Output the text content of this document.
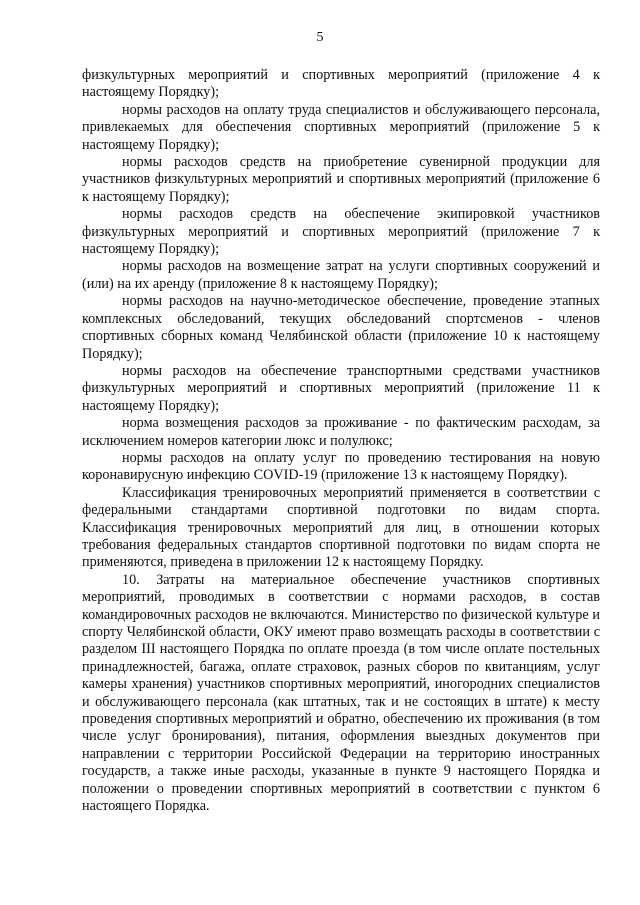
5

физкультурных мероприятий и спортивных мероприятий (приложение 4 к настоящему Порядку);

нормы расходов на оплату труда специалистов и обслуживающего персонала, привлекаемых для обеспечения спортивных мероприятий (приложение 5 к настоящему Порядку);

нормы расходов средств на приобретение сувенирной продукции для участников физкультурных мероприятий и спортивных мероприятий (приложение 6 к настоящему Порядку);

нормы расходов средств на обеспечение экипировкой участников физкультурных мероприятий и спортивных мероприятий (приложение 7 к настоящему Порядку);

нормы расходов на возмещение затрат на услуги спортивных сооружений и (или) на их аренду (приложение 8 к настоящему Порядку);

нормы расходов на научно-методическое обеспечение, проведение этапных комплексных обследований, текущих обследований спортсменов - членов спортивных сборных команд Челябинской области (приложение 10 к настоящему Порядку);

нормы расходов на обеспечение транспортными средствами участников физкультурных мероприятий и спортивных мероприятий (приложение 11 к настоящему Порядку);

норма возмещения расходов за проживание - по фактическим расходам, за исключением номеров категории люкс и полулюкс;

нормы расходов на оплату услуг по проведению тестирования на новую коронавирусную инфекцию COVID-19 (приложение 13 к настоящему Порядку).

Классификация тренировочных мероприятий применяется в соответствии с федеральными стандартами спортивной подготовки по видам спорта. Классификация тренировочных мероприятий для лиц, в отношении которых требования федеральных стандартов спортивной подготовки по видам спорта не применяются, приведена в приложении 12 к настоящему Порядку.

10. Затраты на материальное обеспечение участников спортивных мероприятий, проводимых в соответствии с нормами расходов, в состав командировочных расходов не включаются. Министерство по физической культуре и спорту Челябинской области, ОКУ имеют право возмещать расходы в соответствии с разделом III настоящего Порядка по оплате проезда (в том числе оплате постельных принадлежностей, багажа, оплате страховок, разных сборов по квитанциям, услуг камеры хранения) участников спортивных мероприятий, иногородних специалистов и обслуживающего персонала (как штатных, так и не состоящих в штате) к месту проведения спортивных мероприятий и обратно, обеспечению их проживания (в том числе услуг бронирования), питания, оформления выездных документов при направлении с территории Российской Федерации на территорию иностранных государств, а также иные расходы, указанные в пункте 9 настоящего Порядка и положении о проведении спортивных мероприятий в соответствии с пунктом 6 настоящего Порядка.
